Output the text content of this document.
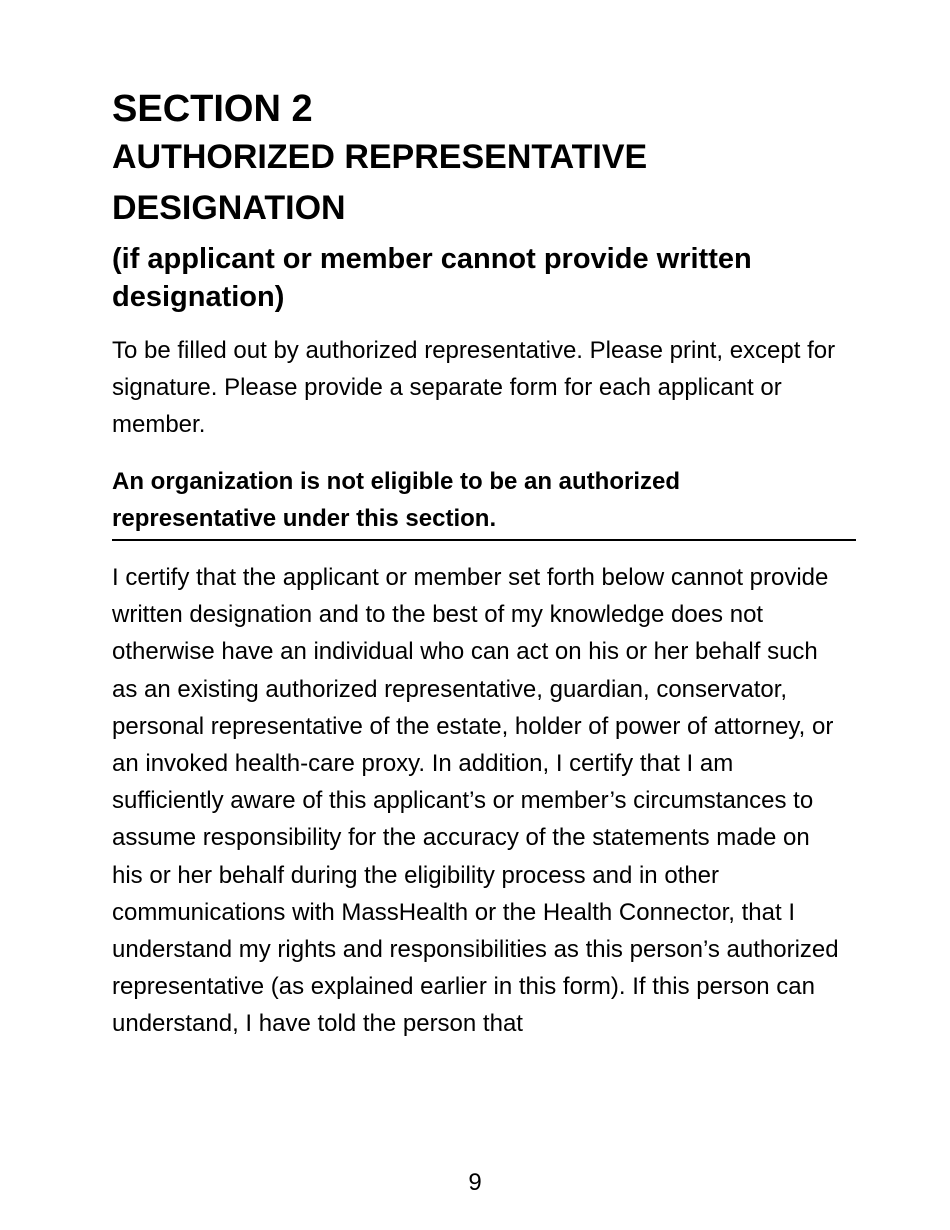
SECTION 2
AUTHORIZED REPRESENTATIVE DESIGNATION
(if applicant or member cannot provide written designation)

To be filled out by authorized representative. Please print, except for signature. Please provide a separate form for each applicant or member.

An organization is not eligible to be an authorized representative under this section.

I certify that the applicant or member set forth below cannot provide written designation and to the best of my knowledge does not otherwise have an individual who can act on his or her behalf such as an existing authorized representative, guardian, conservator, personal representative of the estate, holder of power of attorney, or an invoked health-care proxy. In addition, I certify that I am sufficiently aware of this applicant’s or member’s circumstances to assume responsibility for the accuracy of the statements made on his or her behalf during the eligibility process and in other communications with MassHealth or the Health Connector, that I understand my rights and responsibilities as this person’s authorized representative (as explained earlier in this form). If this person can understand, I have told the person that

9
